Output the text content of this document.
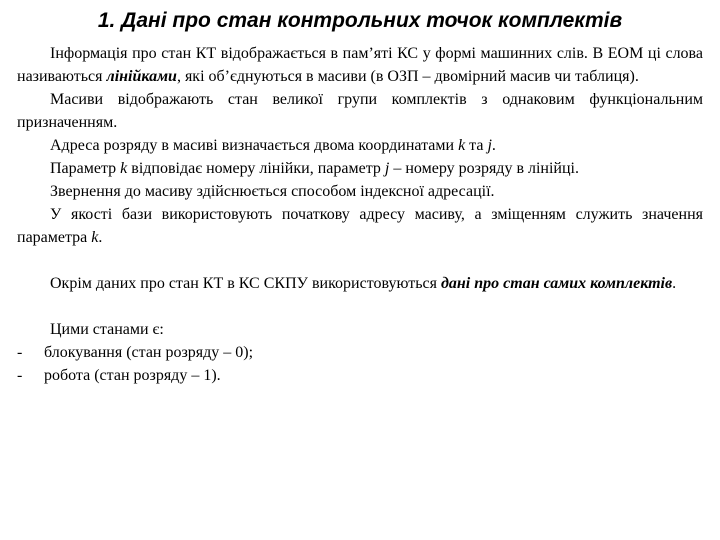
1. Дані про стан контрольних точок комплектів

Інформація про стан КТ відображається в пам’яті КС у формі машинних слів. В ЕОМ ці слова називаються лінійками, які об’єднуються в масиви (в ОЗП – двомірний масив чи таблиця).

Масиви відображають стан великої групи комплектів з однаковим функціональним призначенням.

Адреса розряду в масиві визначається двома координатами k та j.

Параметр k відповідає номеру лінійки, параметр j – номеру розряду в лінійці.

Звернення до масиву здійснюється способом індексної адресації.

У якості бази використовують початкову адресу масиву, а зміщенням служить значення параметра k.

Окрім даних про стан КТ в КС СКПУ використовуються дані про стан самих комплектів.

Цими станами є:

-	блокування (стан розряду – 0);
-	робота (стан розряду – 1).
